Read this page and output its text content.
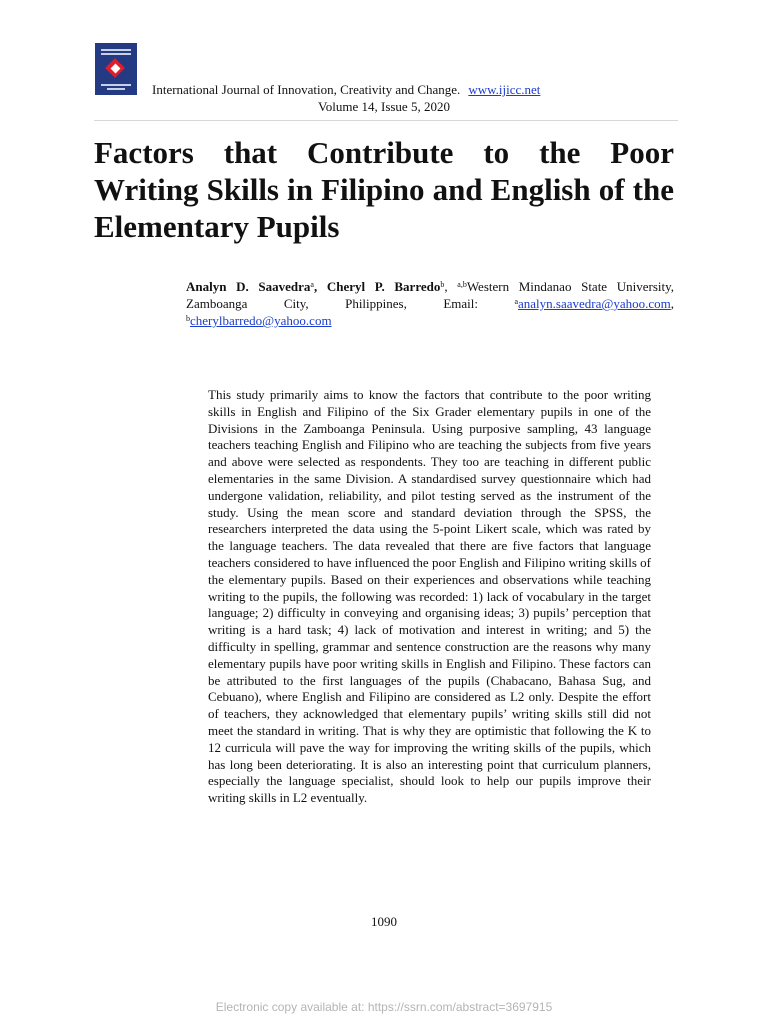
International Journal of Innovation, Creativity and Change. www.ijicc.net
Volume 14, Issue 5, 2020
Factors that Contribute to the Poor Writing Skills in Filipino and English of the Elementary Pupils
Analyn D. Saavedra$^a$, Cheryl P. Barredo$^b$, $^{a,b}$Western Mindanao State University, Zamboanga City, Philippines, Email:	$^a$analyn.saavedra@yahoo.com, $^b$cherylbarredo@yahoo.com

This study primarily aims to know the factors that contribute to the poor writing skills in English and Filipino of the Six Grader elementary pupils in one of the Divisions in the Zamboanga Peninsula. Using purposive sampling, 43 language teachers teaching English and Filipino who are teaching the subjects from five years and above were selected as respondents. They too are teaching in different public elementaries in the same Division. A standardised survey questionnaire which had undergone validation, reliability, and pilot testing served as the instrument of the study. Using the mean score and standard deviation through the SPSS, the researchers interpreted the data using the 5-point Likert scale, which was rated by the language teachers. The data revealed that there are five factors that language teachers considered to have influenced the poor English and Filipino writing skills of the elementary pupils. Based on their experiences and observations while teaching writing to the pupils, the following was recorded: 1) lack of vocabulary in the target language; 2) difficulty in conveying and organising ideas; 3) pupils’ perception that writing is a hard task; 4) lack of motivation and interest in writing; and 5) the difficulty in spelling, grammar and sentence construction are the reasons why many elementary pupils have poor writing skills in English and Filipino. These factors can be attributed to the first languages of the pupils (Chabacano, Bahasa Sug, and Cebuano), where English and Filipino are considered as L2 only. Despite the effort of teachers, they acknowledged that elementary pupils’ writing skills still did not meet the standard in writing. That is why they are optimistic that following the K to 12 curricula will pave the way for improving the writing skills of the pupils, which has long been deteriorating. It is also an interesting point that curriculum planners, especially the language specialist, should look to help our pupils improve their writing skills in L2 eventually.

1090
Electronic copy available at: https://ssrn.com/abstract=3697915
